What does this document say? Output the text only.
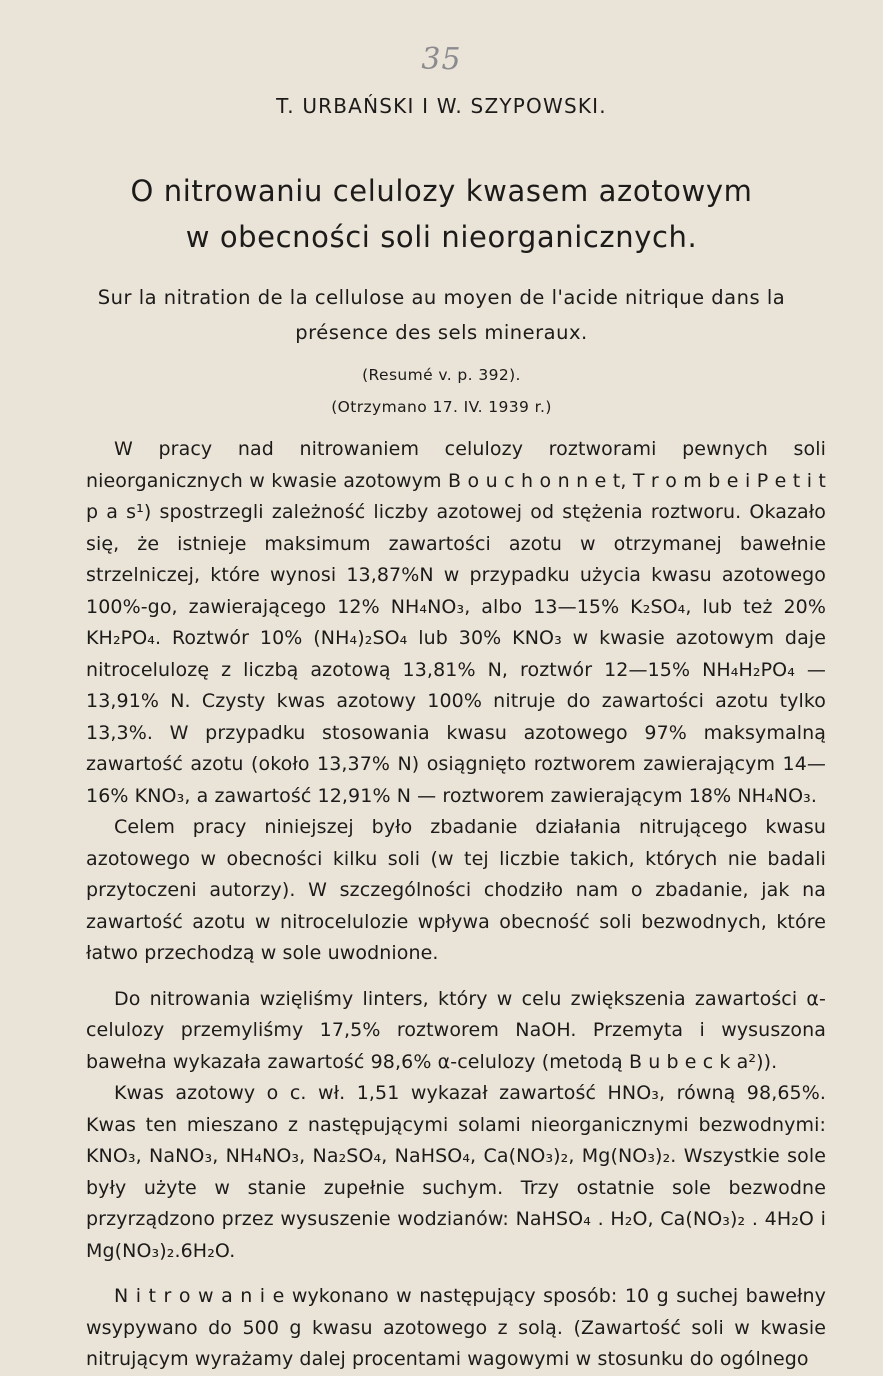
35
T. URBAŃSKI I W. SZYPOWSKI.
O nitrowaniu celulozy kwasem azotowym
w obecności soli nieorganicznych.
Sur la nitration de la cellulose au moyen de l'acide nitrique dans la
présence des sels mineraux.
(Resumé v. p. 392).
(Otrzymano 17. IV. 1939 r.)

W pracy nad nitrowaniem celulozy roztworami pewnych soli nieorganicznych w kwasie azotowym B o u c h o n n e t, T r o m b e i P e t i t p a s¹) spostrzegli zależność liczby azotowej od stężenia roztworu. Okazało się, że istnieje maksimum zawartości azotu w otrzymanej bawełnie strzelniczej, które wynosi 13,87%N w przypadku użycia kwasu azotowego 100%-go, zawierającego 12% NH₄NO₃, albo 13—15% K₂SO₄, lub też 20% KH₂PO₄. Roztwór 10% (NH₄)₂SO₄ lub 30% KNO₃ w kwasie azotowym daje nitrocelulozę z liczbą azotową 13,81% N, roztwór 12—15% NH₄H₂PO₄ — 13,91% N. Czysty kwas azotowy 100% nitruje do zawartości azotu tylko 13,3%. W przypadku stosowania kwasu azotowego 97% maksymalną zawartość azotu (około 13,37% N) osiągnięto roztworem zawierającym 14—16% KNO₃, a zawartość 12,91% N — roztworem zawierającym 18% NH₄NO₃.

Celem pracy niniejszej było zbadanie działania nitrującego kwasu azotowego w obecności kilku soli (w tej liczbie takich, których nie badali przytoczeni autorzy). W szczególności chodziło nam o zbadanie, jak na zawartość azotu w nitrocelulozie wpływa obecność soli bezwodnych, które łatwo przechodzą w sole uwodnione.

Do nitrowania wzięliśmy linters, który w celu zwiększenia zawartości α-celulozy przemyliśmy 17,5% roztworem NaOH. Przemyta i wysuszona bawełna wykazała zawartość 98,6% α-celulozy (metodą B u b e c k a²)).

Kwas azotowy o c. wł. 1,51 wykazał zawartość HNO₃, równą 98,65%. Kwas ten mieszano z następującymi solami nieorganicznymi bezwodnymi: KNO₃, NaNO₃, NH₄NO₃, Na₂SO₄, NaHSO₄, Ca(NO₃)₂, Mg(NO₃)₂. Wszystkie sole były użyte w stanie zupełnie suchym. Trzy ostatnie sole bezwodne przyrządzono przez wysuszenie wodzianów: NaHSO₄ . H₂O, Ca(NO₃)₂ . 4H₂O i Mg(NO₃)₂.6H₂O.

N i t r o w a n i e wykonano w następujący sposób: 10 g suchej bawełny wsypywano do 500 g kwasu azotowego z solą. (Zawartość soli w kwasie nitrującym wyrażamy dalej procentami wagowymi w stosunku do ogólnego
